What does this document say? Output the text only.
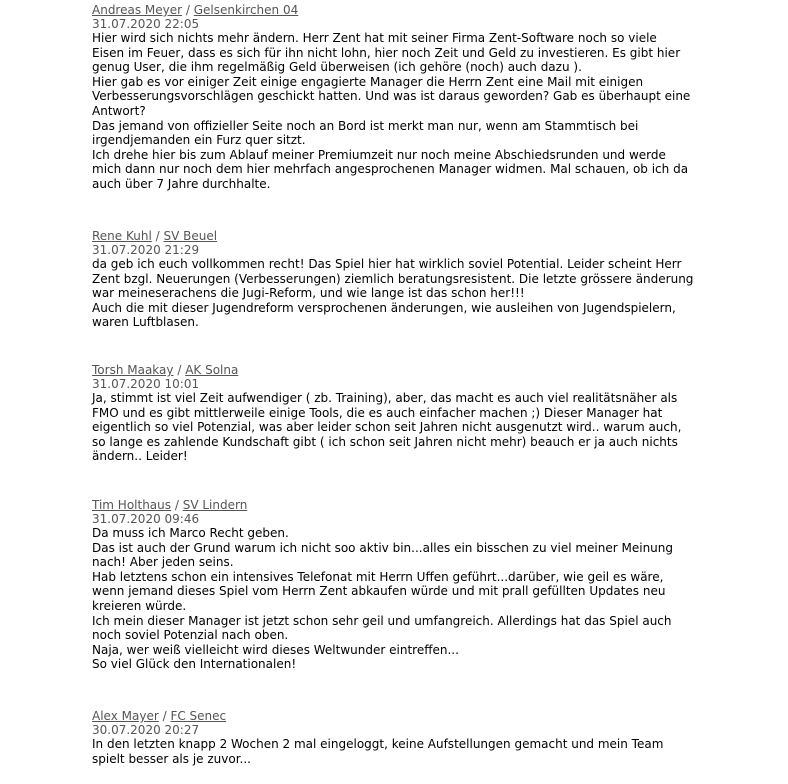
Andreas Meyer / Gelsenkirchen 04
31.07.2020 22:05
Hier wird sich nichts mehr ändern. Herr Zent hat mit seiner Firma Zent-Software noch so viele
Eisen im Feuer, dass es sich für ihn nicht lohn, hier noch Zeit und Geld zu investieren. Es gibt hier
genug User, die ihm regelmäßig Geld überweisen (ich gehöre (noch) auch dazu ).
Hier gab es vor einiger Zeit einige engagierte Manager die Herrn Zent eine Mail mit einigen
Verbesserungsvorschlägen geschickt hatten. Und was ist daraus geworden? Gab es überhaupt eine
Antwort?
Das jemand von offizieller Seite noch an Bord ist merkt man nur, wenn am Stammtisch bei
irgendjemanden ein Furz quer sitzt.
Ich drehe hier bis zum Ablauf meiner Premiumzeit nur noch meine Abschiedsrunden und werde
mich dann nur noch dem hier mehrfach angesprochenen Manager widmen. Mal schauen, ob ich da
auch über 7 Jahre durchhalte.
Rene Kuhl / SV Beuel
31.07.2020 21:29
da geb ich euch vollkommen recht! Das Spiel hier hat wirklich soviel Potential. Leider scheint Herr
Zent bzgl. Neuerungen (Verbesserungen) ziemlich beratungsresistent. Die letzte grössere änderung
war meineserachens die Jugi-Reform, und wie lange ist das schon her!!!
Auch die mit dieser Jugendreform versprochenen änderungen, wie ausleihen von Jugendspielern,
waren Luftblasen.
Torsh Maakay / AK Solna
31.07.2020 10:01
Ja, stimmt ist viel Zeit aufwendiger ( zb. Training), aber, das macht es auch viel realitätsnäher als
FMO und es gibt mittlerweile einige Tools, die es auch einfacher machen ;) Dieser Manager hat
eigentlich so viel Potenzial, was aber leider schon seit Jahren nicht ausgenutzt wird.. warum auch,
so lange es zahlende Kundschaft gibt ( ich schon seit Jahren nicht mehr) beauch er ja auch nichts
ändern.. Leider!
Tim Holthaus / SV Lindern
31.07.2020 09:46
Da muss ich Marco Recht geben.
Das ist auch der Grund warum ich nicht soo aktiv bin...alles ein bisschen zu viel meiner Meinung
nach! Aber jeden seins.
Hab letztens schon ein intensives Telefonat mit Herrn Uffen geführt...darüber, wie geil es wäre,
wenn jemand dieses Spiel vom Herrn Zent abkaufen würde und mit prall gefüllten Updates neu
kreieren würde.
Ich mein dieser Manager ist jetzt schon sehr geil und umfangreich. Allerdings hat das Spiel auch
noch soviel Potenzial nach oben.
Naja, wer weiß vielleicht wird dieses Weltwunder eintreffen...
So viel Glück den Internationalen!
Alex Mayer / FC Senec
30.07.2020 20:27
In den letzten knapp 2 Wochen 2 mal eingeloggt, keine Aufstellungen gemacht und mein Team
spielt besser als je zuvor...
